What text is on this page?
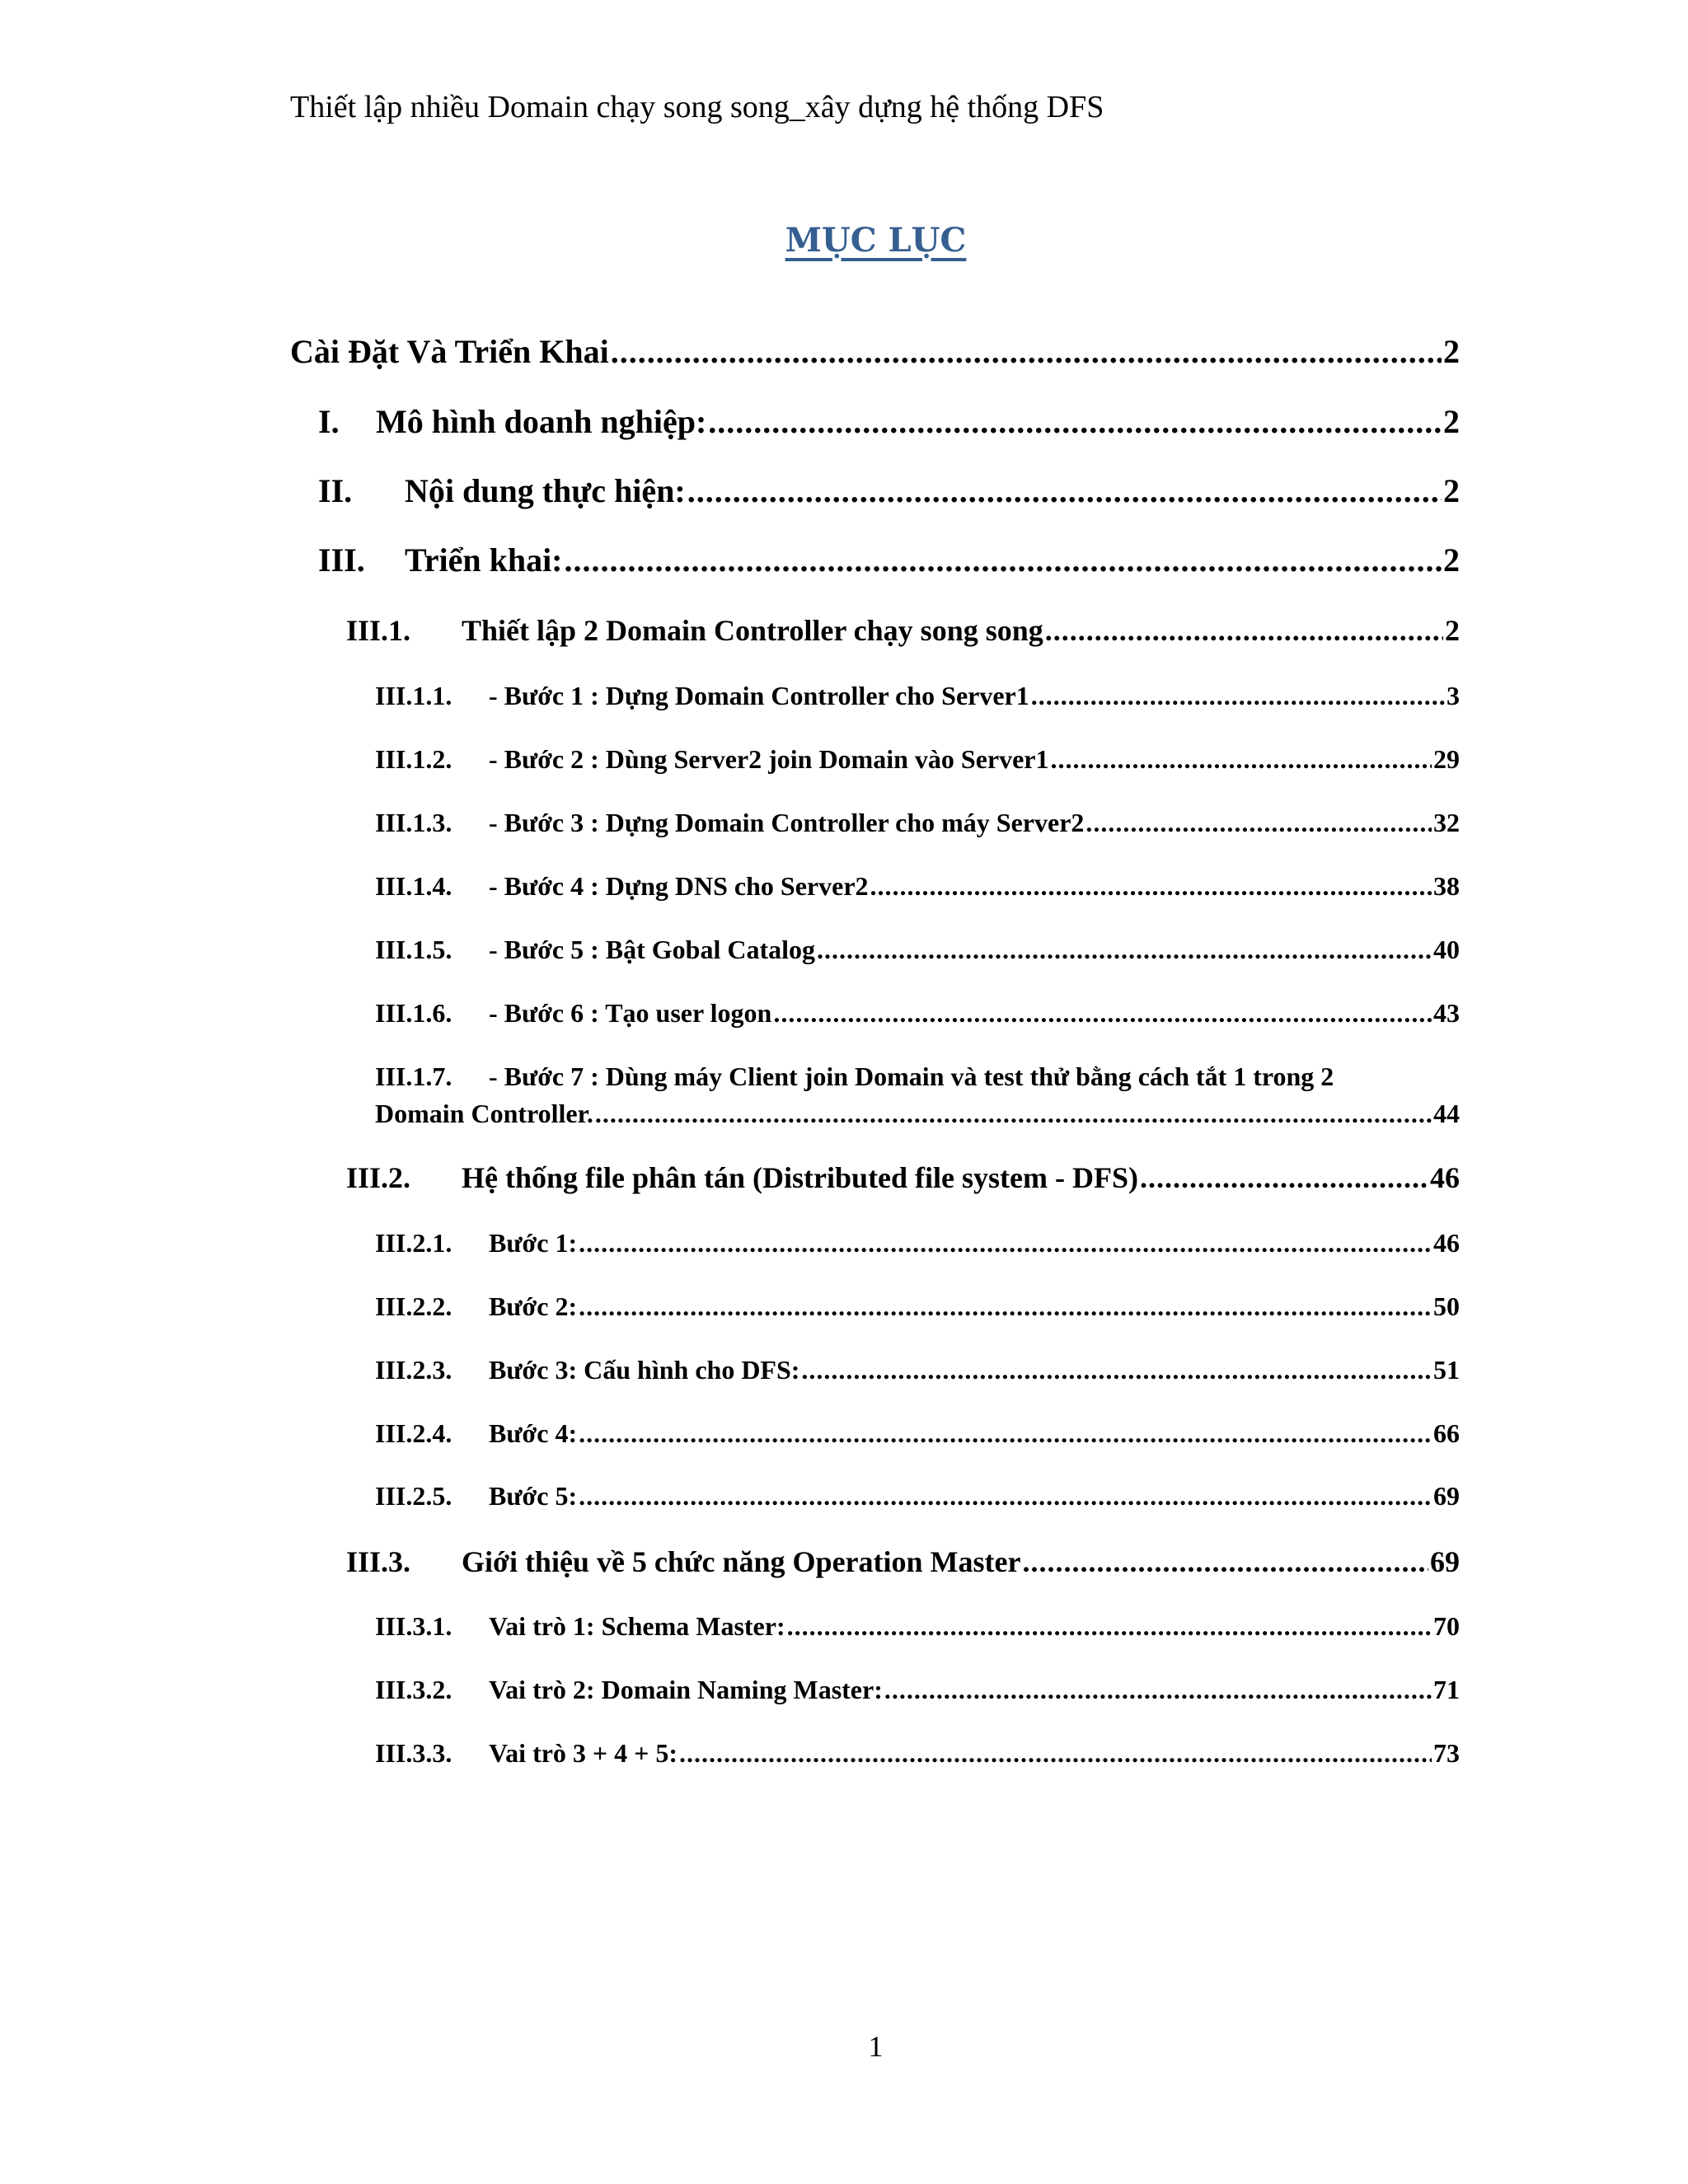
Thiết lập nhiều Domain chạy song song_xây dựng hệ thống DFS
MỤC LỤC
Cài Đặt Và Triển Khai .....	2
I.	Mô hình doanh nghiệp: .....	2
II.	Nội dung thực hiện: .....	2
III.	Triển khai: .....	2
III.1.	Thiết lập 2 Domain Controller chạy song song .....	2
III.1.1.	- Bước 1 : Dựng Domain Controller cho Server1 .....	3
III.1.2.	- Bước 2 : Dùng Server2 join Domain vào Server1 .....	29
III.1.3.	- Bước 3 : Dựng Domain Controller cho máy Server2 .....	32
III.1.4.	- Bước 4 : Dựng DNS cho Server2 .....	38
III.1.5.	- Bước 5 : Bật Gobal Catalog .....	40
III.1.6.	- Bước 6 : Tạo user logon .....	43
III.1.7.	- Bước 7 : Dùng máy Client join Domain và test thử bằng cách tắt 1 trong 2
Domain Controller. .....	44
III.2.	Hệ thống file phân tán (Distributed file system - DFS) .....	46
III.2.1.	Bước 1: .....	46
III.2.2.	Bước 2: .....	50
III.2.3.	Bước 3: Cấu hình cho DFS: .....	51
III.2.4.	Bước 4: .....	66
III.2.5.	Bước 5: .....	69
III.3.	Giới thiệu về 5 chức năng Operation Master .....	69
III.3.1.	Vai trò 1: Schema Master: .....	70
III.3.2.	Vai trò 2: Domain Naming Master: .....	71
III.3.3.	Vai trò 3 + 4 + 5: .....	73
1
